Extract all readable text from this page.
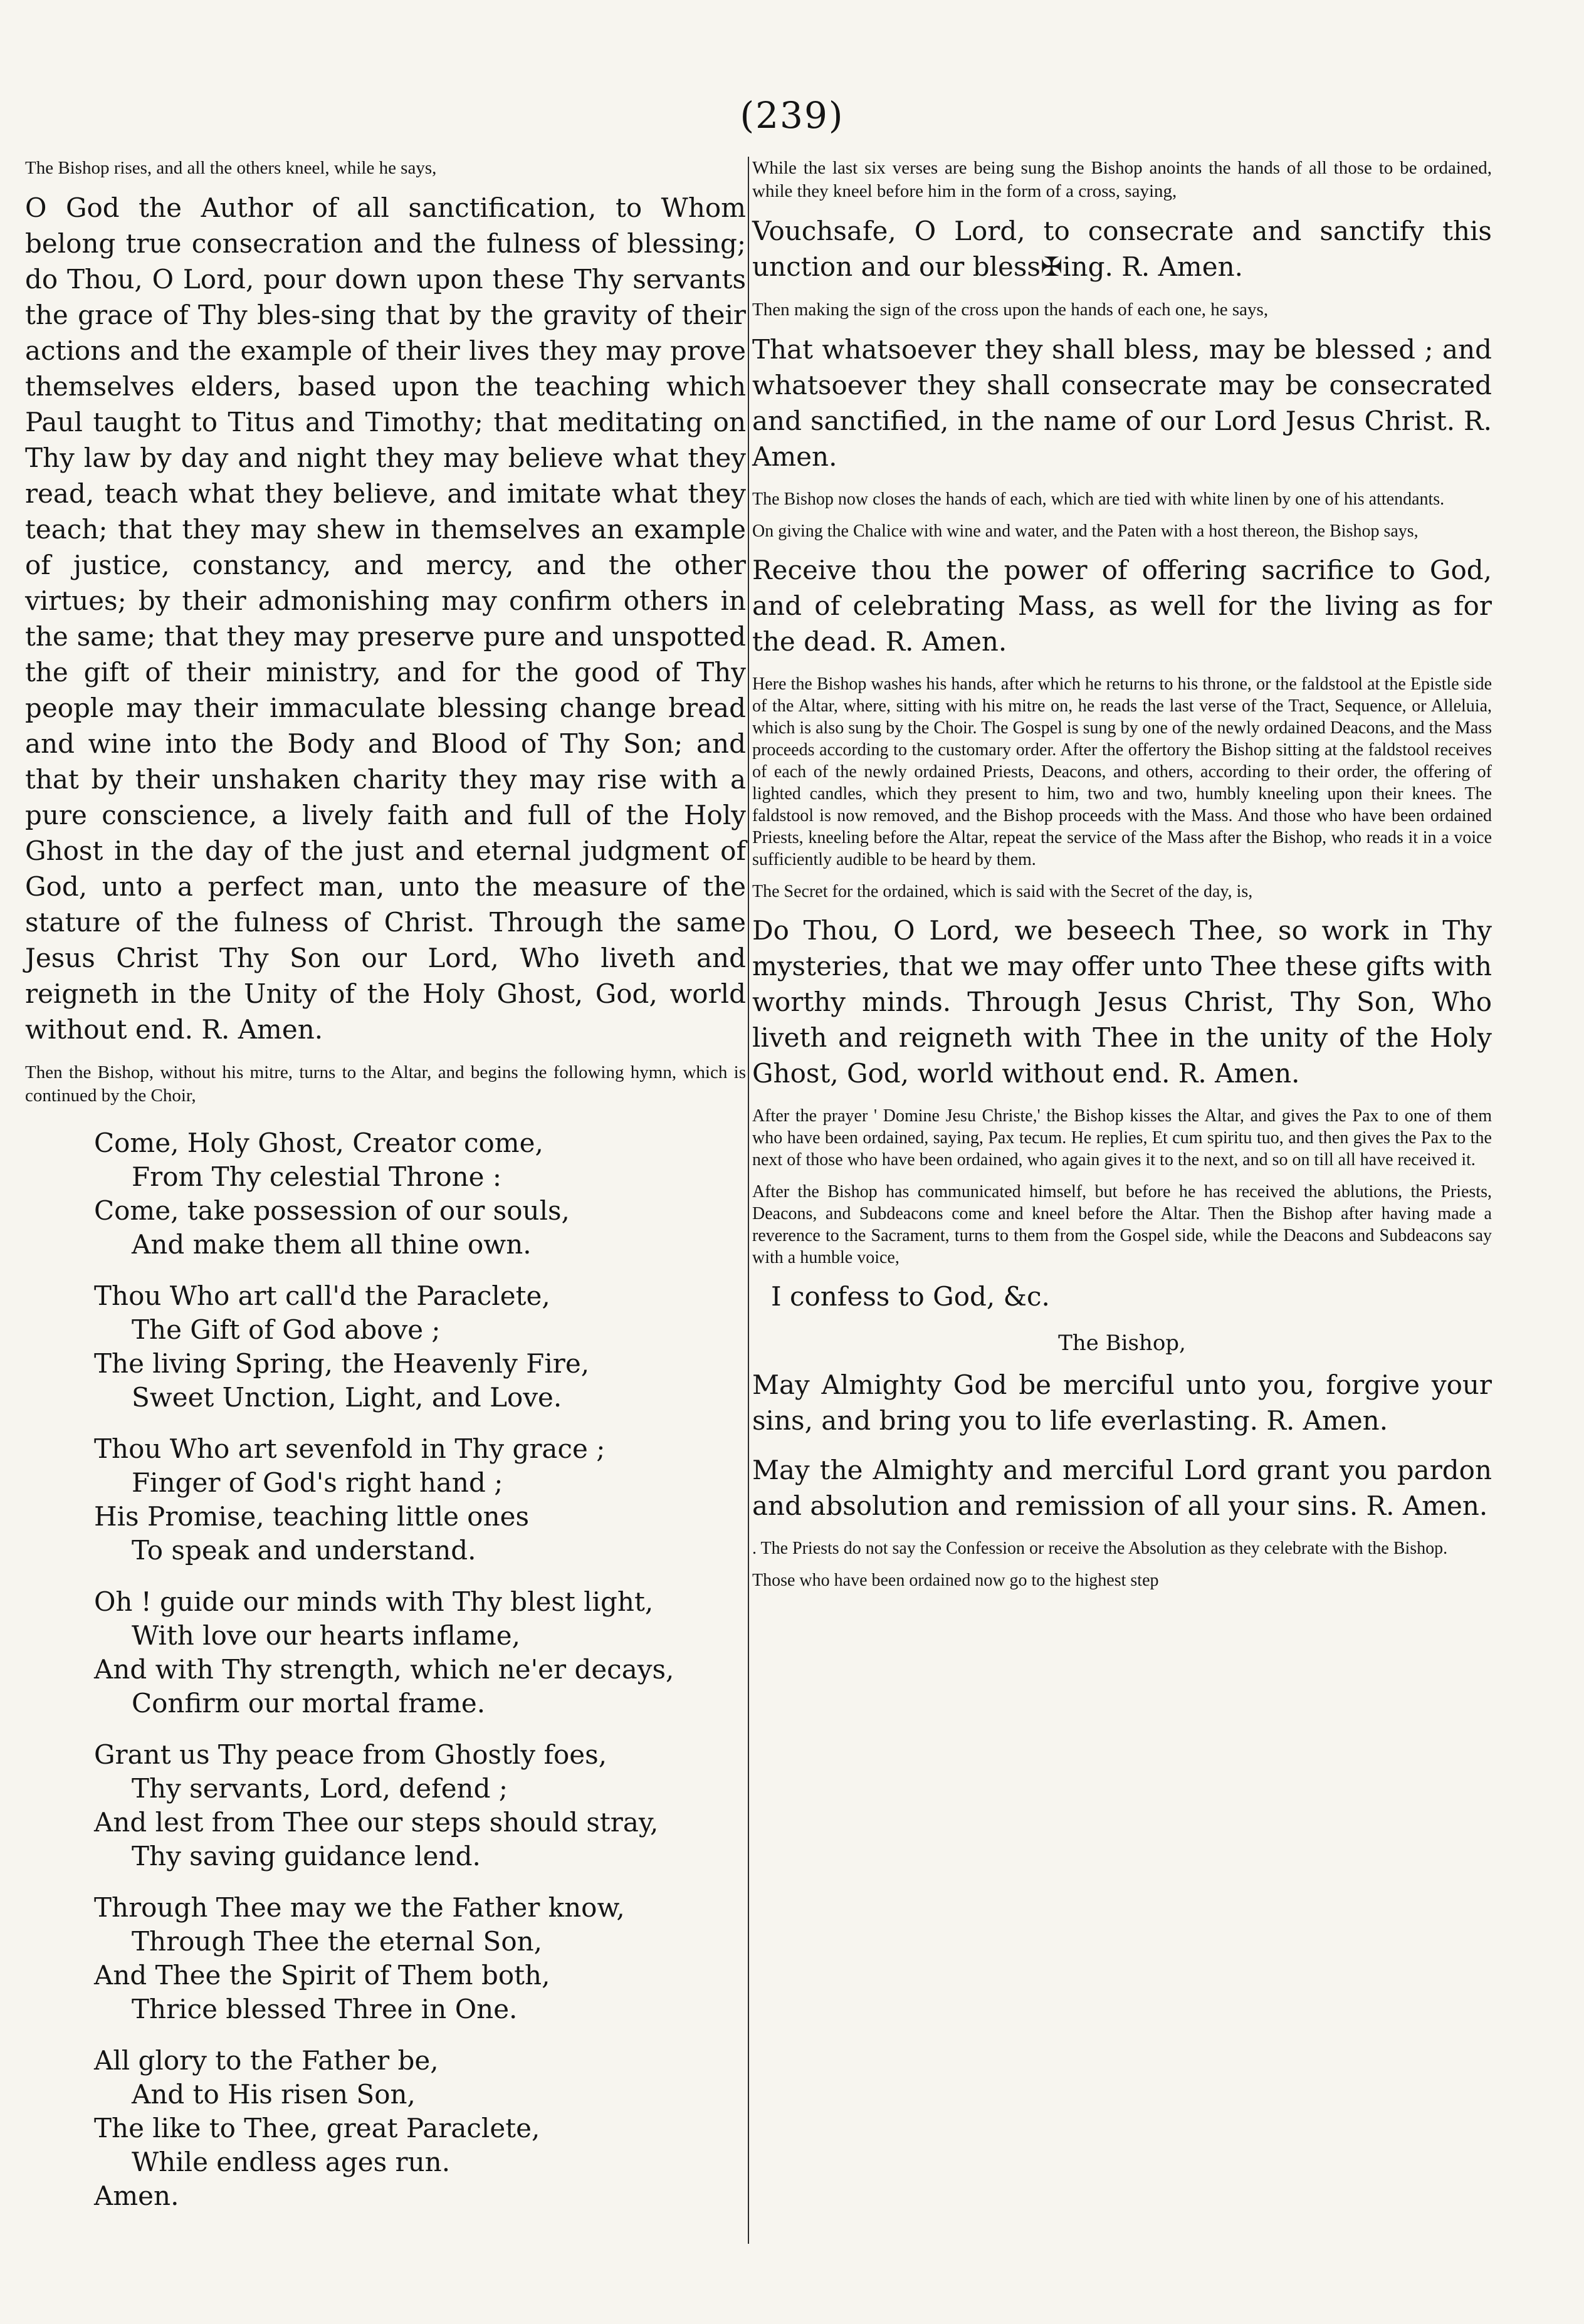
(239)

The Bishop rises, and all the others kneel, while he says,

O God the Author of all sanctification, to Whom belong true consecration and the fulness of blessing; do Thou, O Lord, pour down upon these Thy servants the grace of Thy bles-sing that by the gravity of their actions and the example of their lives they may prove themselves elders, based upon the teaching which Paul taught to Titus and Timothy; that meditating on Thy law by day and night they may believe what they read, teach what they believe, and imitate what they teach; that they may shew in themselves an example of justice, constancy, and mercy, and the other virtues; by their admonishing may confirm others in the same; that they may preserve pure and unspotted the gift of their ministry, and for the good of Thy people may their immaculate blessing change bread and wine into the Body and Blood of Thy Son; and that by their unshaken charity they may rise with a pure conscience, a lively faith and full of the Holy Ghost in the day of the just and eternal judgment of God, unto a perfect man, unto the measure of the stature of the fulness of Christ. Through the same Jesus Christ Thy Son our Lord, Who liveth and reigneth in the Unity of the Holy Ghost, God, world without end. R. Amen.

Then the Bishop, without his mitre, turns to the Altar, and begins the following hymn, which is continued by the Choir,

Come, Holy Ghost, Creator come,
From Thy celestial Throne :
Come, take possession of our souls,
And make them all thine own.
Thou Who art call'd the Paraclete,
The Gift of God above ;
The living Spring, the Heavenly Fire,
Sweet Unction, Light, and Love.
Thou Who art sevenfold in Thy grace ;
Finger of God's right hand ;
His Promise, teaching little ones
To speak and understand.
Oh ! guide our minds with Thy blest light,
With love our hearts inflame,
And with Thy strength, which ne'er decays,
Confirm our mortal frame.
Grant us Thy peace from Ghostly foes,
Thy servants, Lord, defend ;
And lest from Thee our steps should stray,
Thy saving guidance lend.
Through Thee may we the Father know,
Through Thee the eternal Son,
And Thee the Spirit of Them both,
Thrice blessed Three in One.
All glory to the Father be,
And to His risen Son,
The like to Thee, great Paraclete,
While endless ages run.
Amen.

While the last six verses are being sung the Bishop anoints the hands of all those to be ordained, while they kneel before him in the form of a cross, saying,

Vouchsafe, O Lord, to consecrate and sanctify this unction and our bless✠ing. R. Amen.

Then making the sign of the cross upon the hands of each one, he says,

That whatsoever they shall bless, may be blessed ; and whatsoever they shall consecrate may be consecrated and sanctified, in the name of our Lord Jesus Christ. R. Amen.

The Bishop now closes the hands of each, which are tied with white linen by one of his attendants.

On giving the Chalice with wine and water, and the Paten with a host thereon, the Bishop says,

Receive thou the power of offering sacrifice to God, and of celebrating Mass, as well for the living as for the dead. R. Amen.

Here the Bishop washes his hands, after which he returns to his throne, or the faldstool at the Epistle side of the Altar, where, sitting with his mitre on, he reads the last verse of the Tract, Sequence, or Alleluia, which is also sung by the Choir. The Gospel is sung by one of the newly ordained Deacons, and the Mass proceeds according to the customary order. After the offertory the Bishop sitting at the faldstool receives of each of the newly ordained Priests, Deacons, and others, according to their order, the offering of lighted candles, which they present to him, two and two, humbly kneeling upon their knees. The faldstool is now removed, and the Bishop proceeds with the Mass. And those who have been ordained Priests, kneeling before the Altar, repeat the service of the Mass after the Bishop, who reads it in a voice sufficiently audible to be heard by them.

The Secret for the ordained, which is said with the Secret of the day, is,

Do Thou, O Lord, we beseech Thee, so work in Thy mysteries, that we may offer unto Thee these gifts with worthy minds. Through Jesus Christ, Thy Son, Who liveth and reigneth with Thee in the unity of the Holy Ghost, God, world without end. R. Amen.

After the prayer ' Domine Jesu Christe,' the Bishop kisses the Altar, and gives the Pax to one of them who have been ordained, saying, Pax tecum. He replies, Et cum spiritu tuo, and then gives the Pax to the next of those who have been ordained, who again gives it to the next, and so on till all have received it.

After the Bishop has communicated himself, but before he has received the ablutions, the Priests, Deacons, and Subdeacons come and kneel before the Altar. Then the Bishop after having made a reverence to the Sacrament, turns to them from the Gospel side, while the Deacons and Subdeacons say with a humble voice,

I confess to God, &c.

The Bishop,

May Almighty God be merciful unto you, forgive your sins, and bring you to life everlasting. R. Amen.

May the Almighty and merciful Lord grant you pardon and absolution and remission of all your sins. R. Amen.

. The Priests do not say the Confession or receive the Absolution as they celebrate with the Bishop.

Those who have been ordained now go to the highest step
